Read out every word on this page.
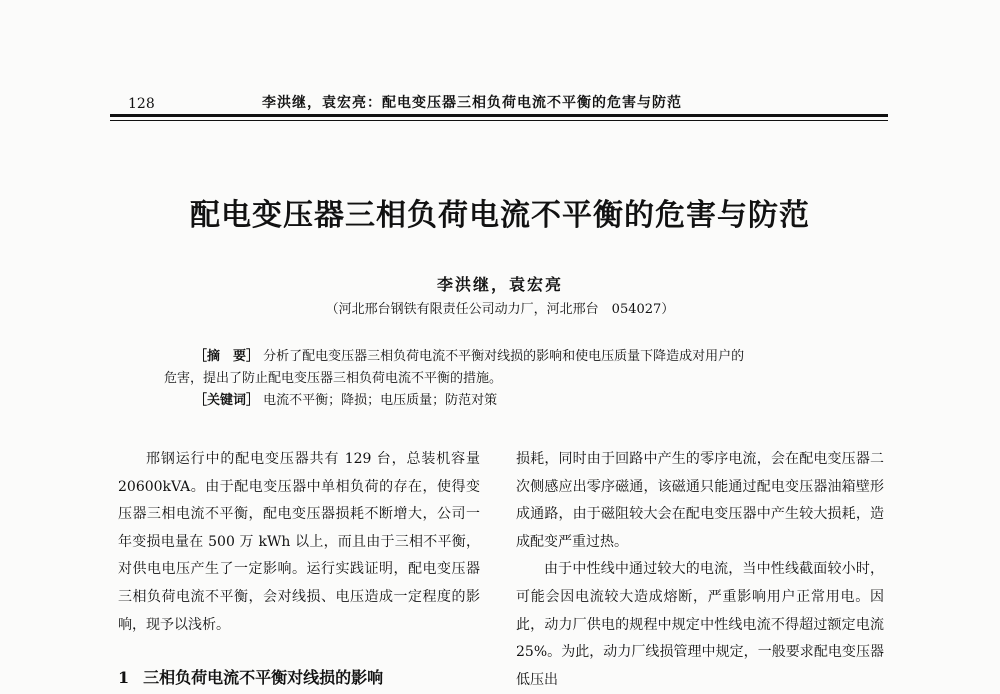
128	李洪继，袁宏亮：配电变压器三相负荷电流不平衡的危害与防范
配电变压器三相负荷电流不平衡的危害与防范
李洪继，袁宏亮
（河北邢台钢铁有限责任公司动力厂，河北邢台　054027）
［摘　要］ 分析了配电变压器三相负荷电流不平衡对线损的影响和使电压质量下降造成对用户的
危害，提出了防止配电变压器三相负荷电流不平衡的措施。
［关键词］ 电流不平衡；降损；电压质量；防范对策

邢钢运行中的配电变压器共有 129 台，总装机容量 20600kVA。由于配电变压器中单相负荷的存在，使得变压器三相电流不平衡，配电变压器损耗不断增大，公司一年变损电量在 500 万 kWh 以上，而且由于三相不平衡，对供电电压产生了一定影响。运行实践证明，配电变压器三相负荷电流不平衡，会对线损、电压造成一定程度的影响，现予以浅析。

1 三相负荷电流不平衡对线损的影响

损耗，同时由于回路中产生的零序电流，会在配电变压器二次侧感应出零序磁通，该磁通只能通过配电变压器油箱壁形成通路，由于磁阻较大会在配电变压器中产生较大损耗，造成配变严重过热。

由于中性线中通过较大的电流，当中性线截面较小时，可能会因电流较大造成熔断，严重影响用户正常用电。因此，动力厂供电的规程中规定中性线电流不得超过额定电流 25%。为此，动力厂线损管理中规定，一般要求配电变压器低压出
